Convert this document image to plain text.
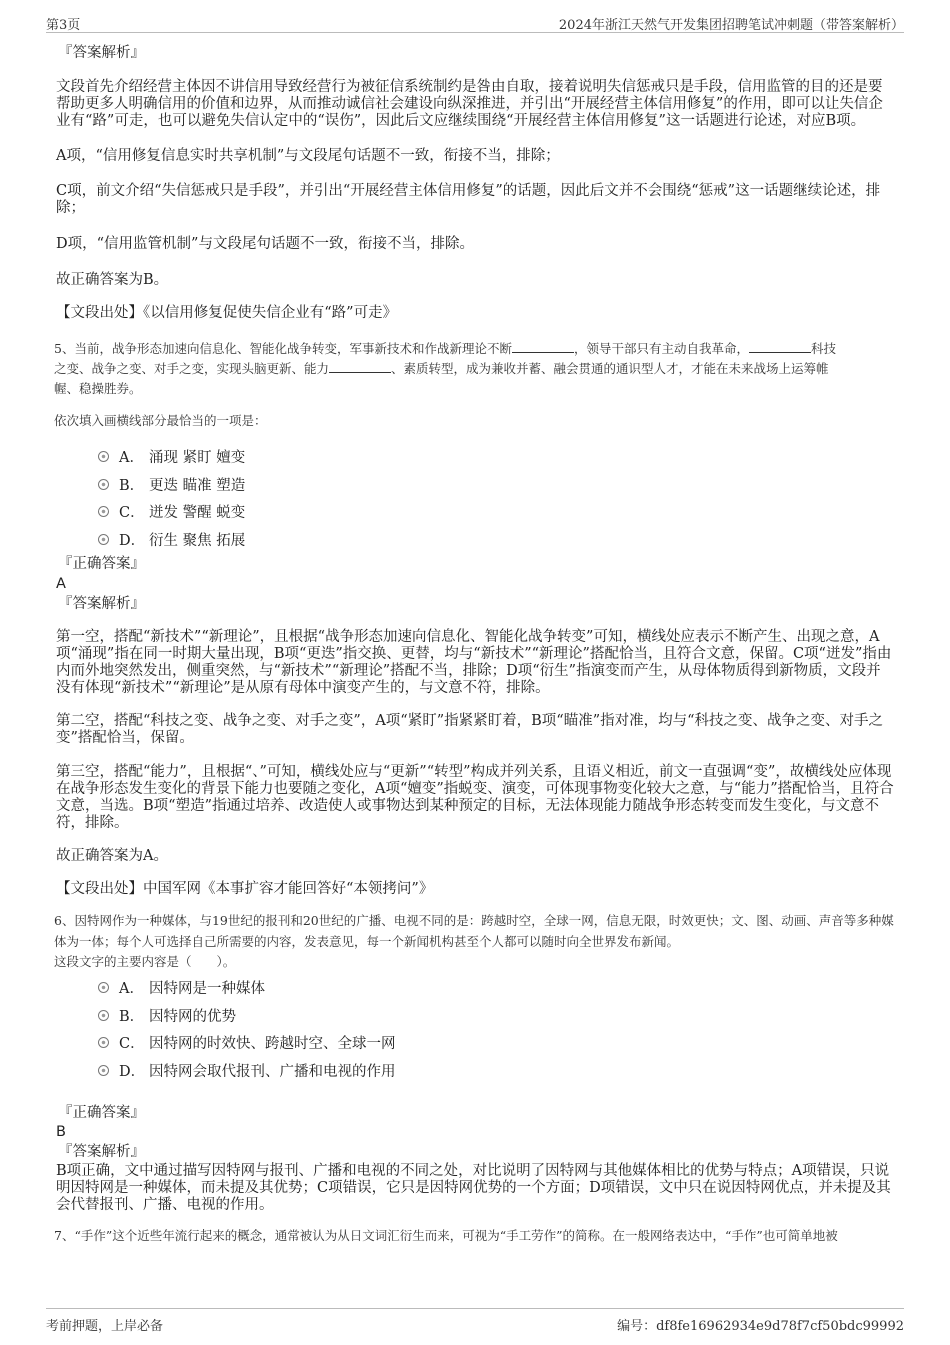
第3页	2024年浙江天然气开发集团招聘笔试冲刺题（带答案解析）
『答案解析』

文段首先介绍经营主体因不讲信用导致经营行为被征信系统制约是咎由自取，接着说明失信惩戒只是手段，信用监管的目的还是要帮助更多人明确信用的价值和边界，从而推动诚信社会建设向纵深推进，并引出“开展经营主体信用修复”的作用，即可以让失信企业有“路”可走，也可以避免失信认定中的“误伤”，因此后文应继续围绕“开展经营主体信用修复”这一话题进行论述，对应B项。

A项，“信用修复信息实时共享机制”与文段尾句话题不一致，衔接不当，排除；

C项，前文介绍“失信惩戒只是手段”，并引出“开展经营主体信用修复”的话题，因此后文并不会围绕“惩戒”这一话题继续论述，排除；

D项，“信用监管机制”与文段尾句话题不一致，衔接不当，排除。

故正确答案为B。

【文段出处】《以信用修复促使失信企业有“路”可走》

5、当前，战争形态加速向信息化、智能化战争转变，军事新技术和作战新理论不断	，领导干部只有主动自我革命，	科技
之变、战争之变、对手之变，实现头脑更新、能力	、素质转型，成为兼收并蓄、融会贯通的通识型人才，才能在未来战场上运筹帷
幄、稳操胜券。

依次填入画横线部分最恰当的一项是：

A． 涌现 紧盯 嬗变
B． 更迭 瞄准 塑造
C． 迸发 警醒 蜕变
D． 衍生 聚焦 拓展
『正确答案』
A
『答案解析』

第一空，搭配“新技术”“新理论”，且根据“战争形态加速向信息化、智能化战争转变”可知，横线处应表示不断产生、出现之意，A项“涌现”指在同一时期大量出现，B项“更迭”指交换、更替，均与“新技术”“新理论”搭配恰当，且符合文意，保留。C项“迸发”指由内而外地突然发出，侧重突然，与“新技术”“新理论”搭配不当，排除；D项“衍生”指演变而产生，从母体物质得到新物质，文段并没有体现“新技术”“新理论”是从原有母体中演变产生的，与文意不符，排除。

第二空，搭配“科技之变、战争之变、对手之变”，A项“紧盯”指紧紧盯着，B项“瞄准”指对准，均与“科技之变、战争之变、对手之变”搭配恰当，保留。

第三空，搭配“能力”，且根据“、”可知，横线处应与“更新”“转型”构成并列关系，且语义相近，前文一直强调“变”，故横线处应体现在战争形态发生变化的背景下能力也要随之变化，A项“嬗变”指蜕变、演变，可体现事物变化较大之意，与“能力”搭配恰当，且符合文意，当选。B项“塑造”指通过培养、改造使人或事物达到某种预定的目标，无法体现能力随战争形态转变而发生变化，与文意不符，排除。

故正确答案为A。

【文段出处】中国军网《本事扩容才能回答好“本领拷问”》

6、因特网作为一种媒体，与19世纪的报刊和20世纪的广播、电视不同的是：跨越时空，全球一网，信息无限，时效更快；文、图、动画、声音等多种媒体为一体；每个人可选择自己所需要的内容，发表意见，每一个新闻机构甚至个人都可以随时向全世界发布新闻。

这段文字的主要内容是（　　）。

A． 因特网是一种媒体
B． 因特网的优势
C． 因特网的时效快、跨越时空、全球一网
D． 因特网会取代报刊、广播和电视的作用
『正确答案』
B
『答案解析』

B项正确，文中通过描写因特网与报刊、广播和电视的不同之处，对比说明了因特网与其他媒体相比的优势与特点；A项错误，只说明因特网是一种媒体，而未提及其优势；C项错误，它只是因特网优势的一个方面；D项错误，文中只在说因特网优点，并未提及其会代替报刊、广播、电视的作用。

7、“手作”这个近些年流行起来的概念，通常被认为从日文词汇衍生而来，可视为“手工劳作”的简称。在一般网络表达中，“手作”也可简单地被

考前押题，上岸必备	编号：df8fe16962934e9d78f7cf50bdc99992
